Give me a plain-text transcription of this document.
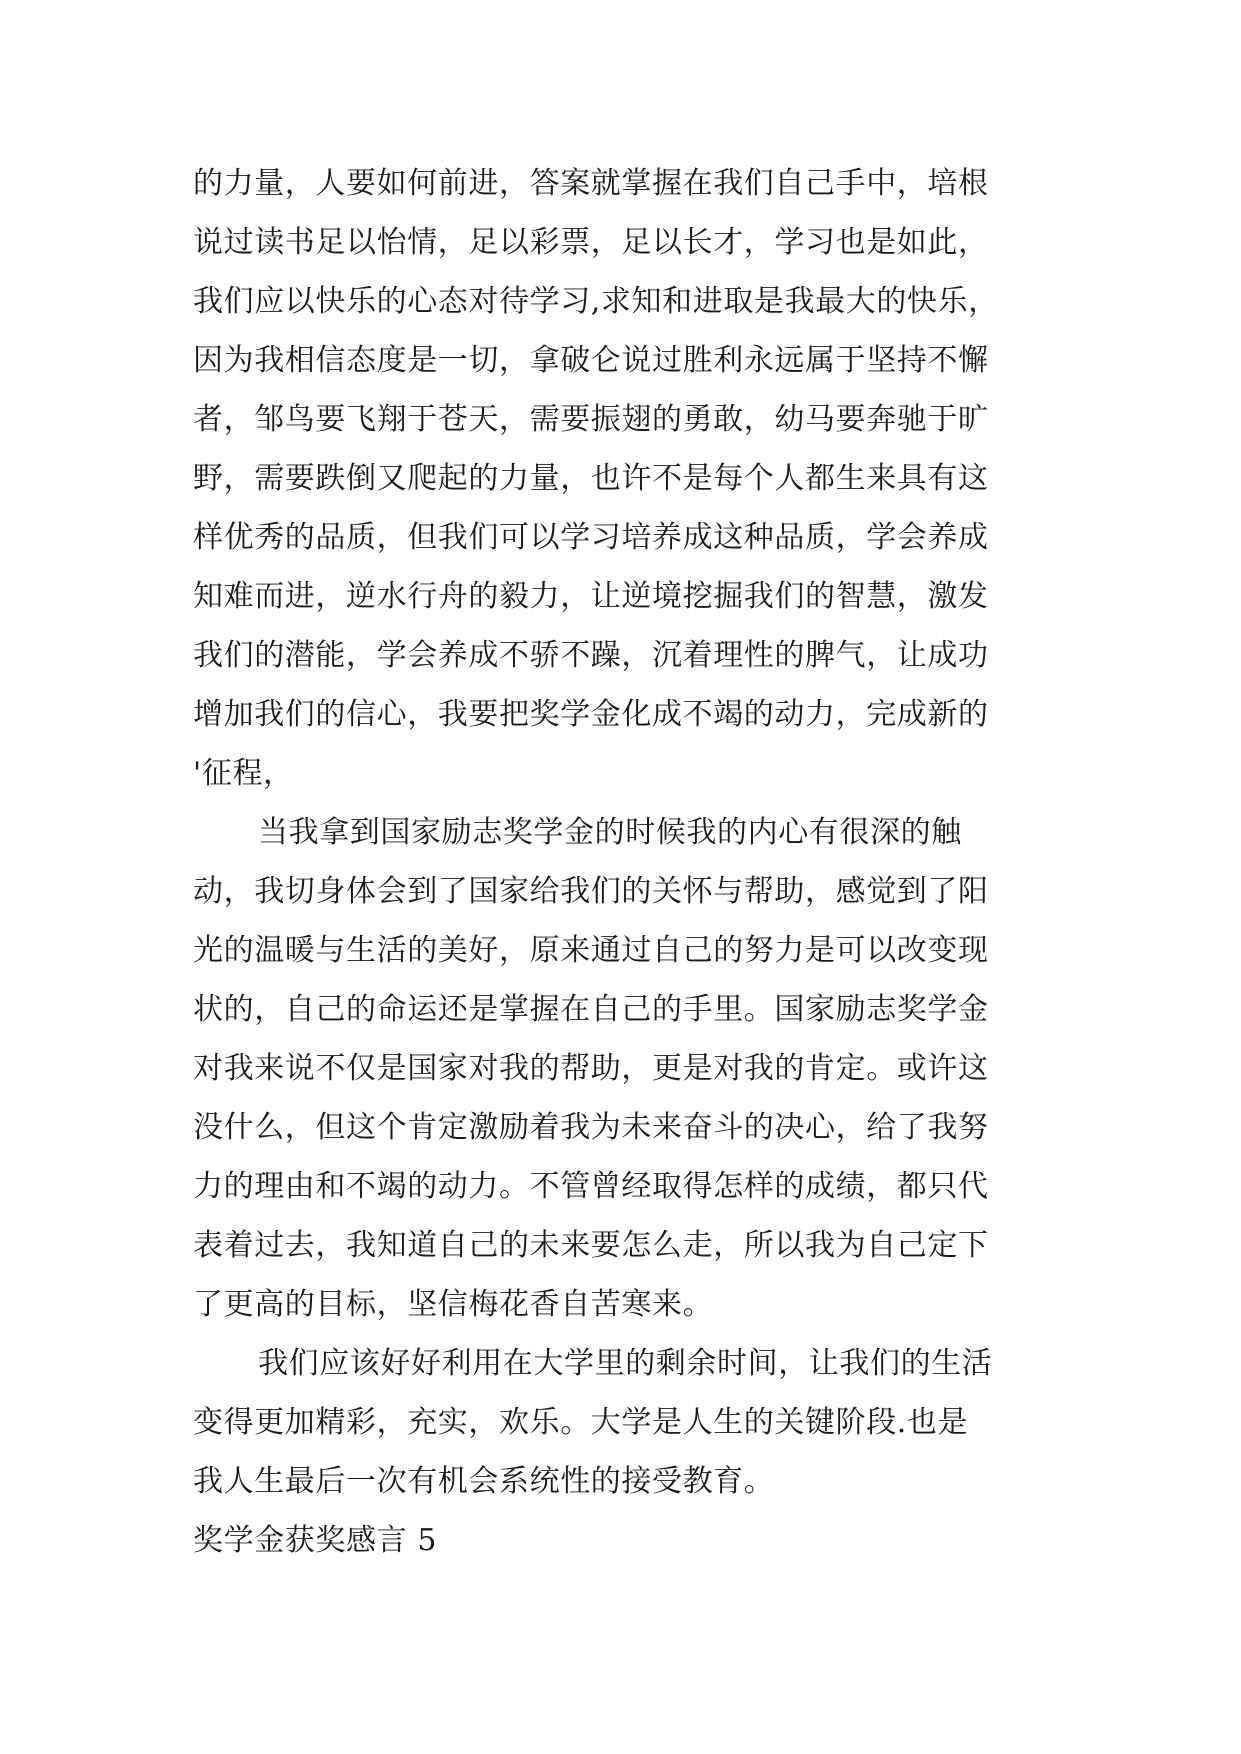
的力量，人要如何前进，答案就掌握在我们自己手中，培根
说过读书足以怡情，足以彩票，足以长才，学习也是如此，
我们应以快乐的心态对待学习,求知和进取是我最大的快乐，
因为我相信态度是一切，拿破仑说过胜利永远属于坚持不懈
者，邹鸟要飞翔于苍天，需要振翅的勇敢，幼马要奔驰于旷
野，需要跌倒又爬起的力量，也许不是每个人都生来具有这
样优秀的品质，但我们可以学习培养成这种品质，学会养成
知难而进，逆水行舟的毅力，让逆境挖掘我们的智慧，激发
我们的潜能，学会养成不骄不躁，沉着理性的脾气，让成功
增加我们的信心，我要把奖学金化成不竭的动力，完成新的
'征程，
当我拿到国家励志奖学金的时候我的内心有很深的触
动，我切身体会到了国家给我们的关怀与帮助，感觉到了阳
光的温暖与生活的美好，原来通过自己的努力是可以改变现
状的，自己的命运还是掌握在自己的手里。国家励志奖学金
对我来说不仅是国家对我的帮助，更是对我的肯定。或许这
没什么，但这个肯定激励着我为未来奋斗的决心，给了我努
力的理由和不竭的动力。不管曾经取得怎样的成绩，都只代
表着过去，我知道自己的未来要怎么走，所以我为自己定下
了更高的目标，坚信梅花香自苦寒来。
我们应该好好利用在大学里的剩余时间，让我们的生活
变得更加精彩，充实，欢乐。大学是人生的关键阶段.也是
我人生最后一次有机会系统性的接受教育。
奖学金获奖感言 5
